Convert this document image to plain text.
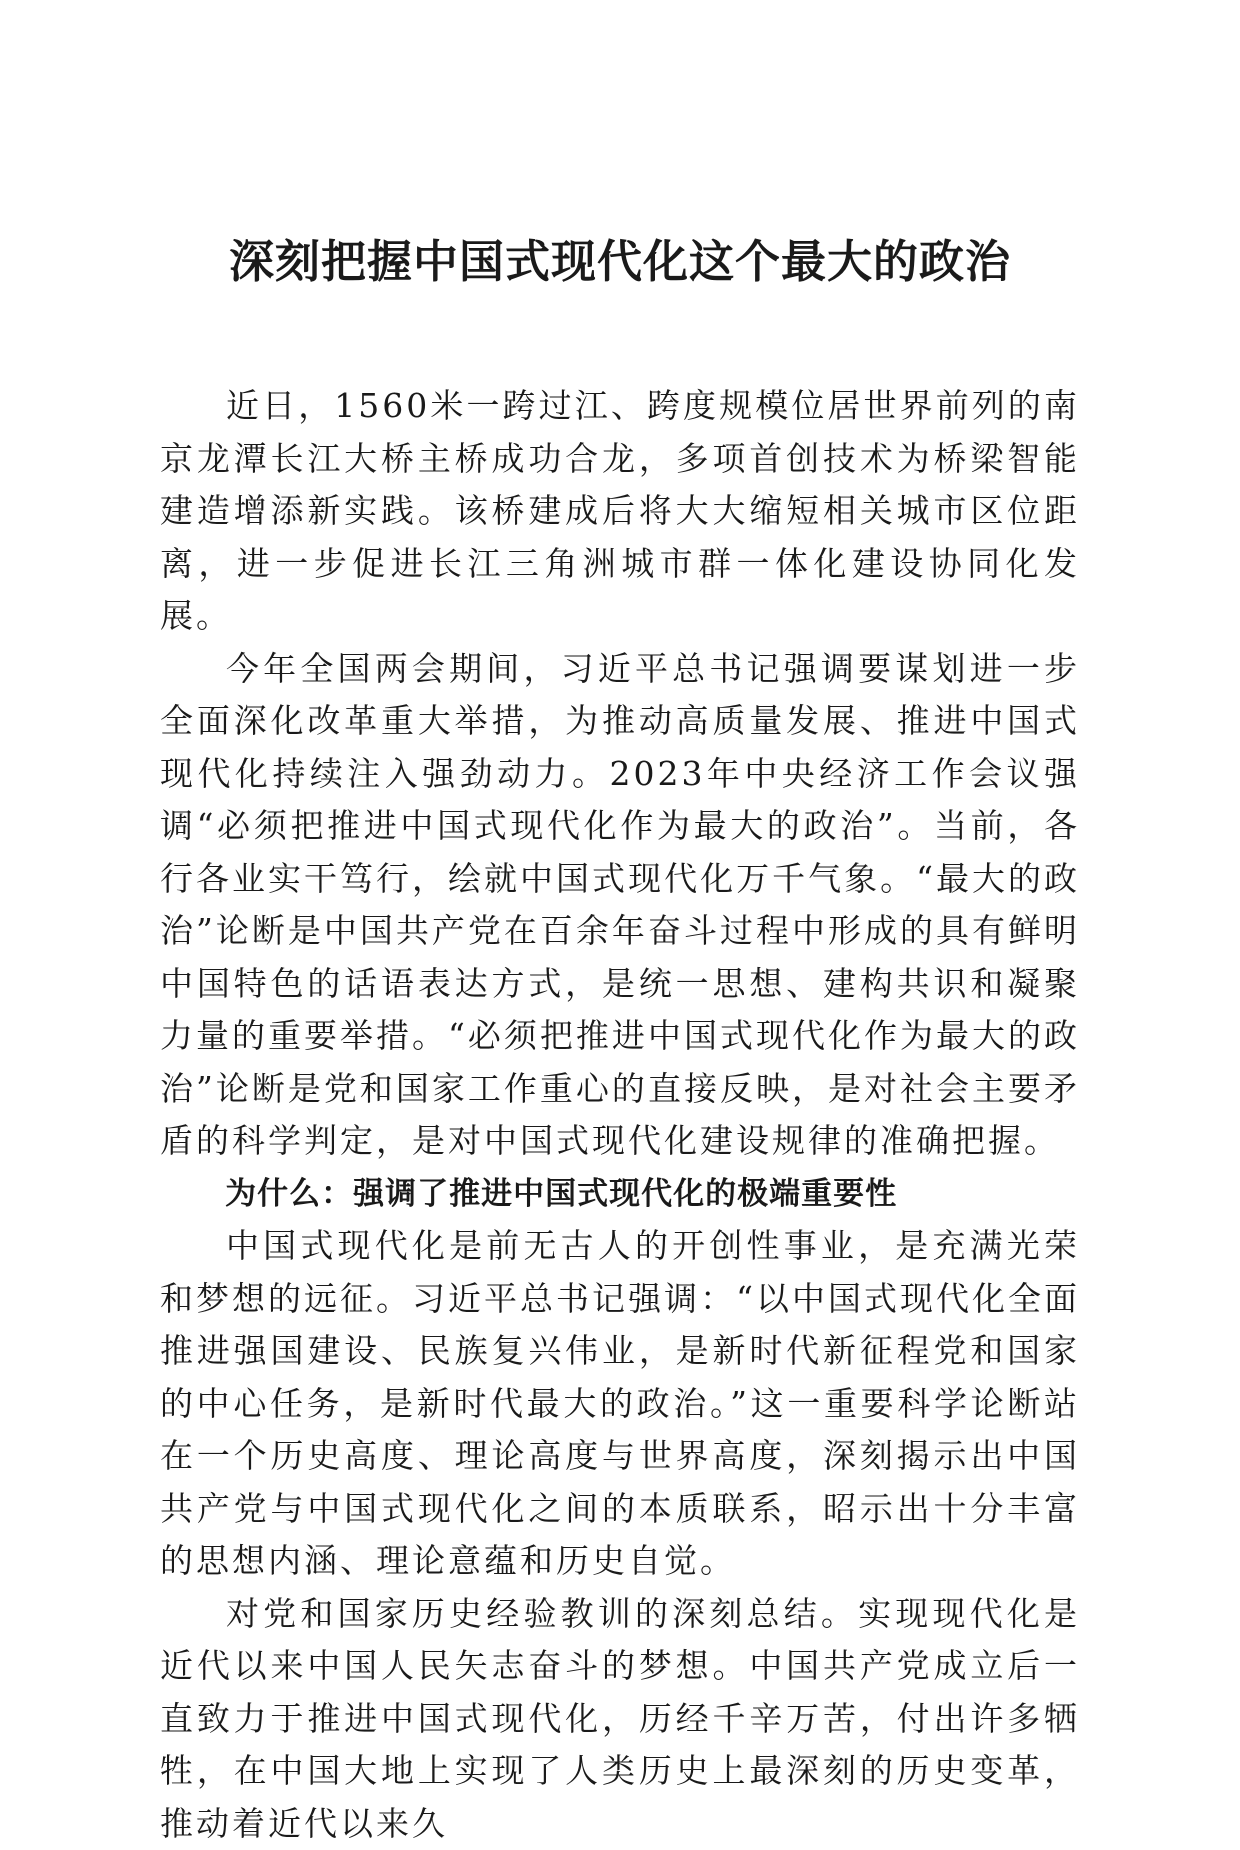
深刻把握中国式现代化这个最大的政治

近日，1560米一跨过江、跨度规模位居世界前列的南京龙潭长江大桥主桥成功合龙，多项首创技术为桥梁智能建造增添新实践。该桥建成后将大大缩短相关城市区位距离，进一步促进长江三角洲城市群一体化建设协同化发展。

今年全国两会期间，习近平总书记强调要谋划进一步全面深化改革重大举措，为推动高质量发展、推进中国式现代化持续注入强劲动力。2023年中央经济工作会议强调“必须把推进中国式现代化作为最大的政治”。当前，各行各业实干笃行，绘就中国式现代化万千气象。“最大的政治”论断是中国共产党在百余年奋斗过程中形成的具有鲜明中国特色的话语表达方式，是统一思想、建构共识和凝聚力量的重要举措。“必须把推进中国式现代化作为最大的政治”论断是党和国家工作重心的直接反映，是对社会主要矛盾的科学判定，是对中国式现代化建设规律的准确把握。

为什么：强调了推进中国式现代化的极端重要性

中国式现代化是前无古人的开创性事业，是充满光荣和梦想的远征。习近平总书记强调：“以中国式现代化全面推进强国建设、民族复兴伟业，是新时代新征程党和国家的中心任务，是新时代最大的政治。”这一重要科学论断站在一个历史高度、理论高度与世界高度，深刻揭示出中国共产党与中国式现代化之间的本质联系，昭示出十分丰富的思想内涵、理论意蕴和历史自觉。

对党和国家历史经验教训的深刻总结。实现现代化是近代以来中国人民矢志奋斗的梦想。中国共产党成立后一直致力于推进中国式现代化，历经千辛万苦，付出许多牺牲，在中国大地上实现了人类历史上最深刻的历史变革，推动着近代以来久
